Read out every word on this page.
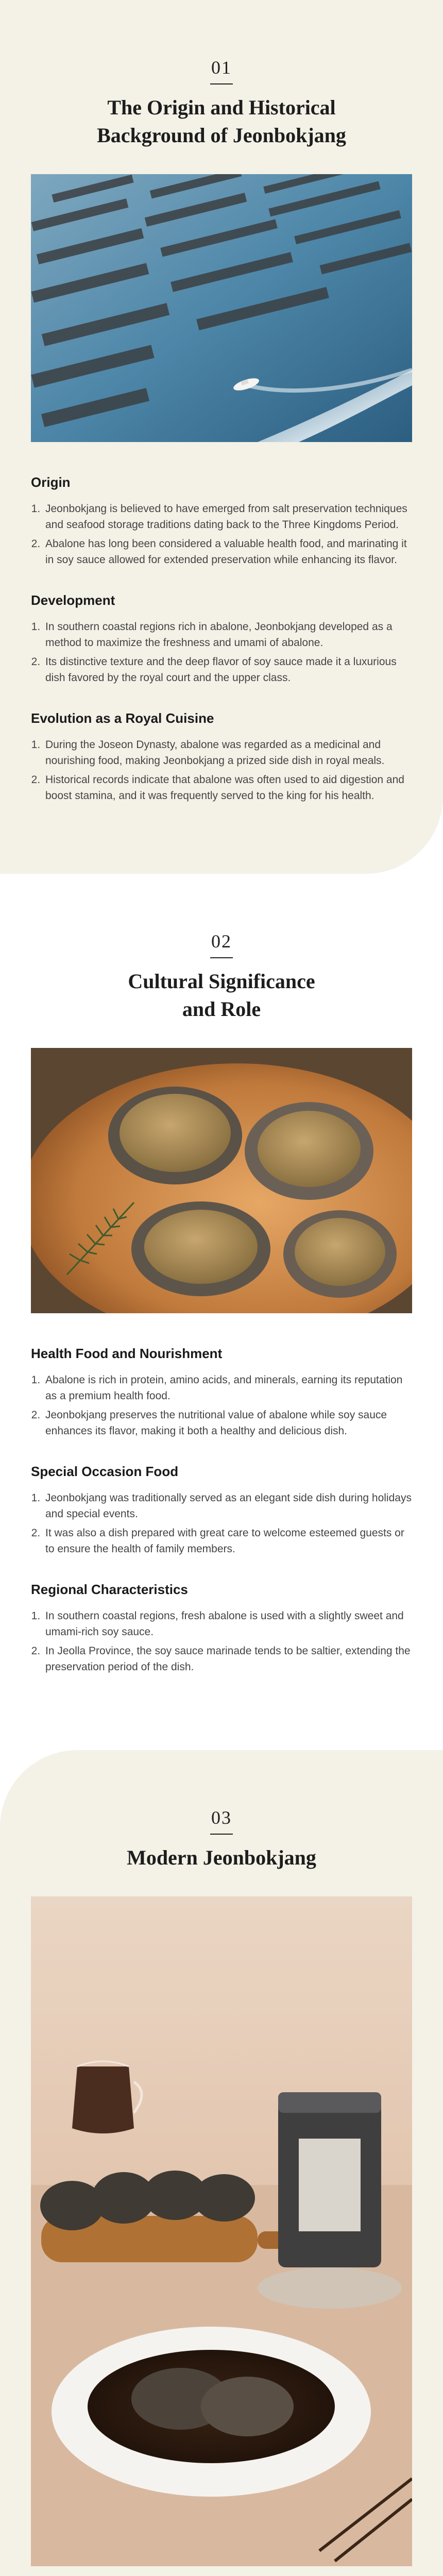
01
The Origin and Historical
Background of Jeonbokjang
Origin
1. Jeonbokjang is believed to have emerged from salt preservation techniques and seafood storage traditions dating back to the Three Kingdoms Period.
2. Abalone has long been considered a valuable health food, and marinating it in soy sauce allowed for extended preservation while enhancing its flavor.
Development
1. In southern coastal regions rich in abalone, Jeonbokjang developed as a method to maximize the freshness and umami of abalone.
2. Its distinctive texture and the deep flavor of soy sauce made it a luxurious dish favored by the royal court and the upper class.
Evolution as a Royal Cuisine
1. During the Joseon Dynasty, abalone was regarded as a medicinal and nourishing food, making Jeonbokjang a prized side dish in royal meals.
2. Historical records indicate that abalone was often used to aid digestion and boost stamina, and it was frequently served to the king for his health.
02
Cultural Significance
and Role
Health Food and Nourishment
1. Abalone is rich in protein, amino acids, and minerals, earning its reputation as a premium health food.
2. Jeonbokjang preserves the nutritional value of abalone while soy sauce enhances its flavor, making it both a healthy and delicious dish.
Special Occasion Food
1. Jeonbokjang was traditionally served as an elegant side dish during holidays and special events.
2. It was also a dish prepared with great care to welcome esteemed guests or to ensure the health of family members.
Regional Characteristics
1. In southern coastal regions, fresh abalone is used with a slightly sweet and umami-rich soy sauce.
2. In Jeolla Province, the soy sauce marinade tends to be saltier, extending the preservation period of the dish.
03
Modern Jeonbokjang
